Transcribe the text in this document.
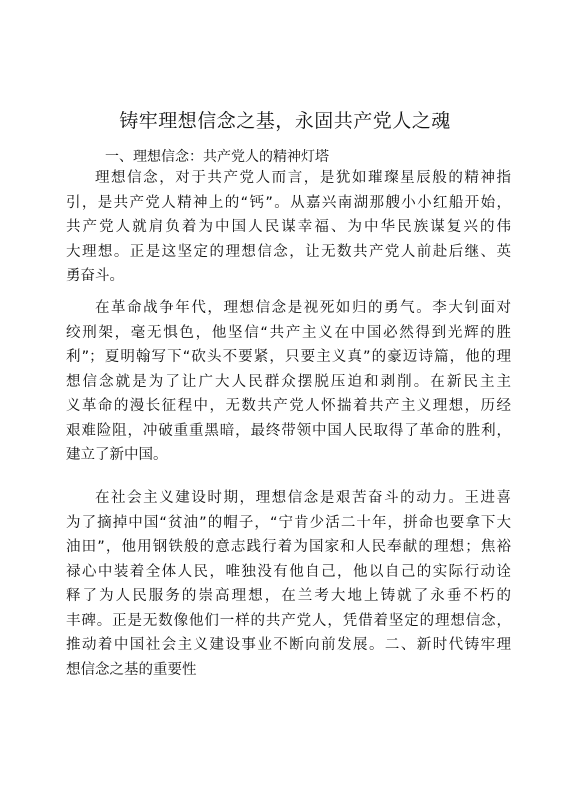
铸牢理想信念之基，永固共产党人之魂
一、理想信念：共产党人的精神灯塔
理想信念，对于共产党人而言，是犹如璀璨星辰般的精神指
引，是共产党人精神上的“钙”。从嘉兴南湖那艘小小红船开始，
共产党人就肩负着为中国人民谋幸福、为中华民族谋复兴的伟
大理想。正是这坚定的理想信念，让无数共产党人前赴后继、英
勇奋斗。
在革命战争年代，理想信念是视死如归的勇气。李大钊面对
绞刑架，毫无惧色，他坚信“共产主义在中国必然得到光辉的胜
利”；夏明翰写下“砍头不要紧，只要主义真”的豪迈诗篇，他的理
想信念就是为了让广大人民群众摆脱压迫和剥削。在新民主主
义革命的漫长征程中，无数共产党人怀揣着共产主义理想，历经
艰难险阻，冲破重重黑暗，最终带领中国人民取得了革命的胜利，
建立了新中国。
在社会主义建设时期，理想信念是艰苦奋斗的动力。王进喜
为了摘掉中国“贫油”的帽子，“宁肯少活二十年，拼命也要拿下大
油田”，他用钢铁般的意志践行着为国家和人民奉献的理想；焦裕
禄心中装着全体人民，唯独没有他自己，他以自己的实际行动诠
释了为人民服务的崇高理想，在兰考大地上铸就了永垂不朽的
丰碑。正是无数像他们一样的共产党人，凭借着坚定的理想信念，
推动着中国社会主义建设事业不断向前发展。二、新时代铸牢理
想信念之基的重要性
